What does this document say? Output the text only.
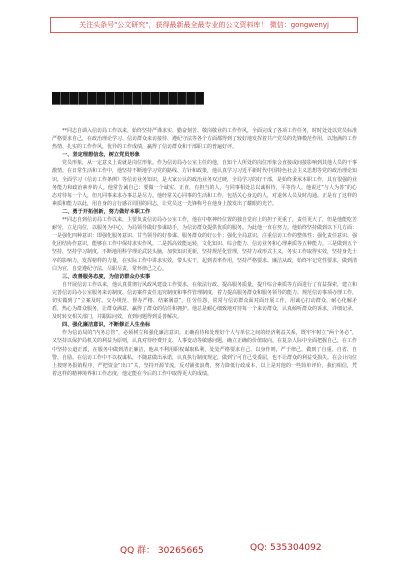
关注头条号"公文研究"，获得最新最全最专业的公文资料库！ 微信：gongwenyj
█████████████████

**同志自调入信访局工作以来，始终坚持严谨求实、勤奋刻苦、敬岗敬业的工作作风，全面完成了各项工作任务，时时处处以党员标准严格要求自己，在政治理论学习、信访群众来访接待、遵纪守法等各个方面都得到了较好地发挥着共产党员的先锋模范作用，以饱满的工作热情、扎实的工作作风，优异的工作成绩，赢得了信访群众和干部职工的普遍好评。

一、坚定理想信念，树立党员形象

党员形象，从一定意义上说就是岗位形象。作为信访局办公室主任的他，自知个人所处的岗位形象会直接或间接影响到其他人员的干事激情。在日常生活和工作中，他坚持不断地学习党的路线、方针和政策，他认真学习习近平新时代中国特色社会主义思想等党的政治理论知识，全面学习《信访工作条例》等信访业务知识，是大家公认的政治业务双过硬，全局学习的好干部，是始终秉承本职工作，具有很强的业务能力和政治素养的人。他常告诫自己：要做一个诚实、正直，有担当的人，与同事相处总以诚相待，平等待人。他说过“与人为善”的心态对待每一个人，但凡同事来求办事总是尽力。他经常关心同事的生活和工作，包括关心身边的人，对退休人员及时沟通。正是有了这样的素质和能力以此，用自身的言行感召周围的同志，让党员这一先锋称号在他身上散发出了耀眼的光芒。

二、勇于开拓创新，努力做好本职工作

**同志自到信访局工作以来，主要负责信访局办公室工作，他在中枢神经位置的独自觉肩上的担子更重了，责任更大了，但是他能吃苦耐劳，立足岗位，以服务为中心，为局领导做好参谋助手，为信访群众提供优质的服务。为此他一直在努力。他始终坚持做到以下几方面：一是强化四种意识：即强化服务意识、甘当领导的好参谋、服务群众的好公仆；强化全局意识，注重信访工作的整体性；强化责任意识、强化团结协作意识，能够在工作中保持求实作风。二是抓高效能运转，文化知识、综合能力、信访业务和心理素质等五种能力。三是做到五个坚持，坚持学习制度，不断地用科学理论武装头脑，加快知识更新，坚持规范化管理，坚持力戒形式主义，务实工作取得实效，坚持身先士卒的影响力，发挥榜样的力量，在实际工作中讲求实效，带头实干，起到表率作用，坚持严格要求、廉洁从政，始终牢记党性要求，做到清白为官，自觉遵纪守法，尽职尽责，常怀律己之心。

三、改善服务态度，为信访群众办实事

自开展信访工作以来，他认真贯彻行风政风建设工作要求，在依法行政、提高服务质量，提升综合素质等方面进行了有益探索，建立和完善信访局办公室服务来访制度、信访案件责任追究制度和事件管理制度，着力提高服务群众和服务领导的能力。规范信访事项办理工作，切实做到了“立案及时、交办规范、督办严格、结案满意”。任劳任怨，常常与信访群众面对面开展工作，用诚心打动群众，耐心化解矛盾，热心为群众服务，让群众满意，赢得了群众的信任和拥护。他总是耐心细致地对待每一个来访群众，认真倾听群众的诉求，详细记录，及时转交相关部门，并跟踪问效，直到问题得到妥善解决。

四、强化廉洁意识，不断修正人生坐标

作为信访局的“内务总管”，必须树立和强化廉洁意识，正确看待和处理好个人与单位之间的经济利益关系，既牢牢树立“两个务必”，又坚持以保护局机关的利益为原则，认真对待经费开支、人事变动等敏感问题，确立正确的价值取向。在复杂人际中全面把握自己，在工作中坚持公道正派，在服务中做到清正廉洁，他从不利用职权谋取私利，处处严格要求自己，以身作则，严于律己，做到了自重、自省、自警、自励。在信访工作中不以权谋私，不随意做出承诺，认真执行制度规定，做到宁可自己受委屈，也不让群众的利益受损失。在会计岗位上按财务报销程序，严把资金“出口”关，坚持开源节流，反对铺张浪费，努力降低行政成本，以上是对他的一些简单评价，我们相信，凭着这样的精神境界和工作态度，他定能在今后的工作中取得更大的成绩。

QQ 群： 30265665	QQ: 535304092
